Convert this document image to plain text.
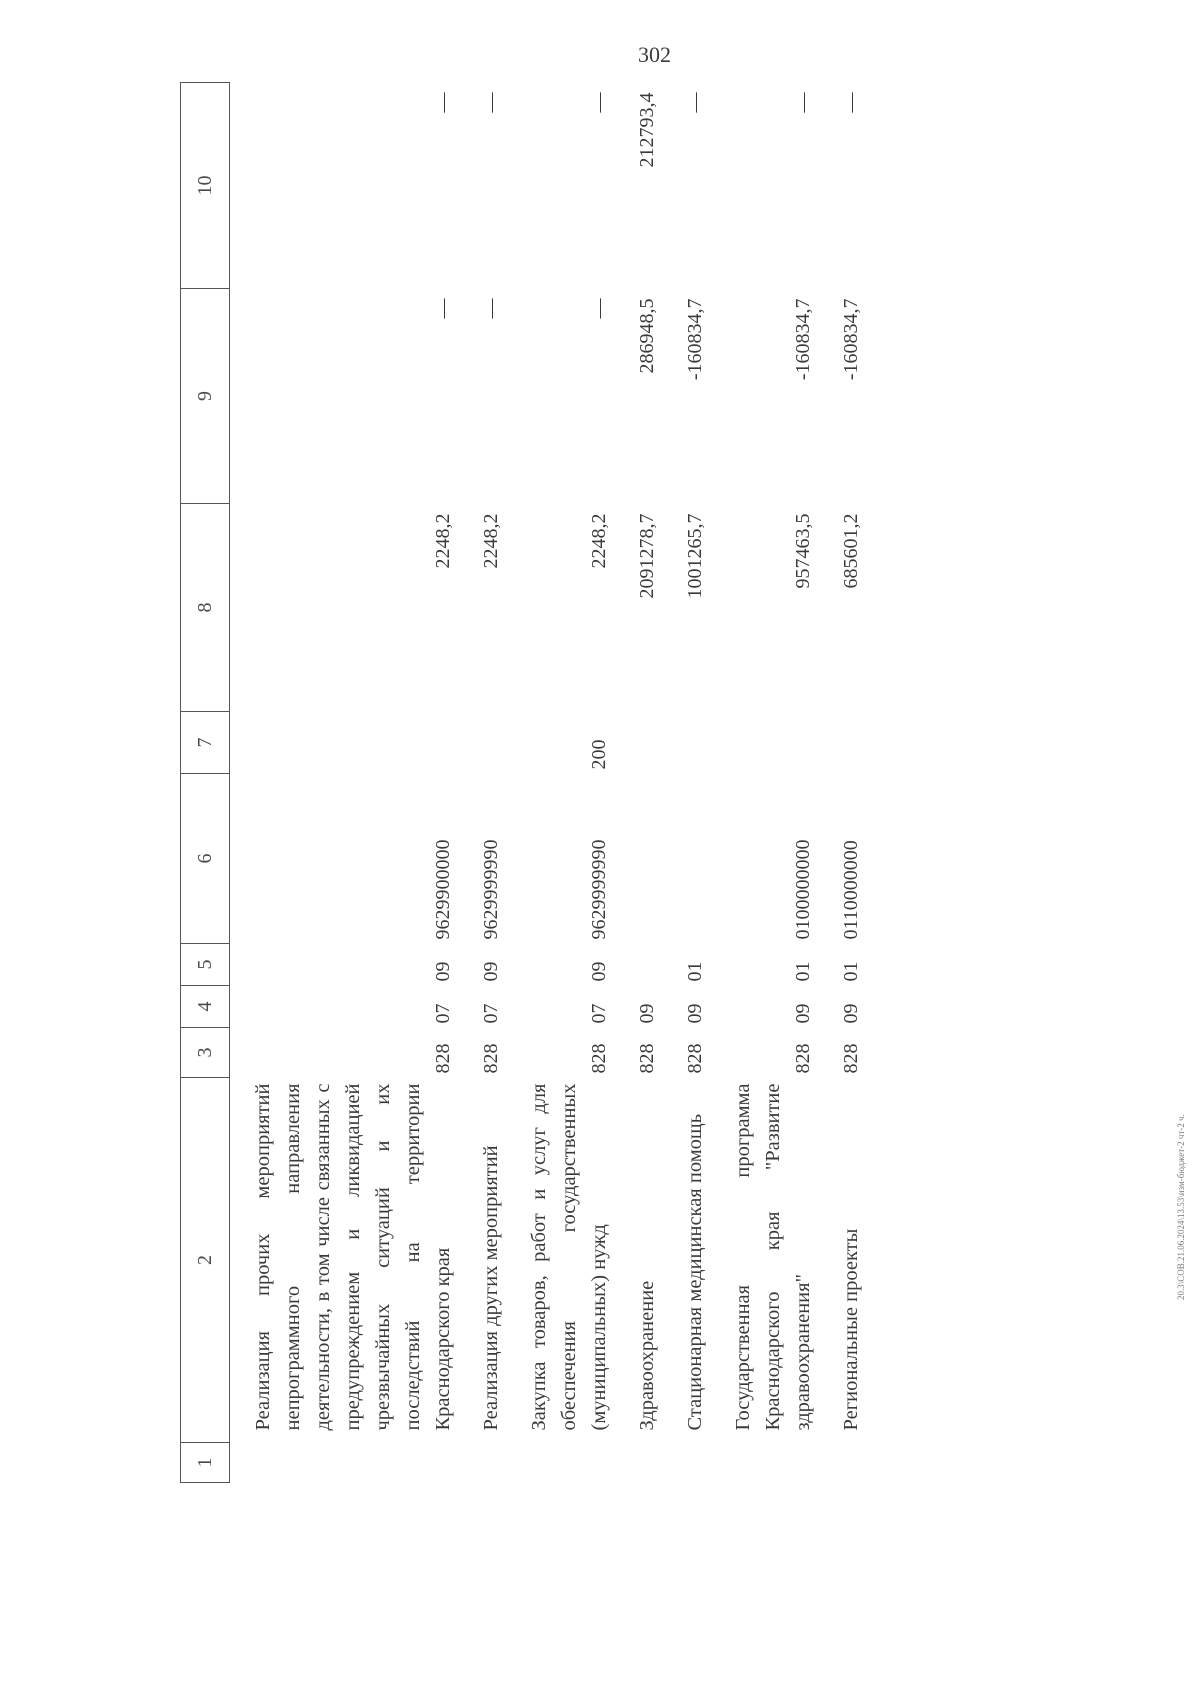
302
1	2	3	4	5	6	7	8	9	10
	Реализация прочих мероприятий непрограммного направления деятельности, в том числе связанных с предупреждением и ликвидацией чрезвычайных ситуаций и их последствий на территории Краснодарского края	828	07	09	9629900000		2248,2	—	—
	Реализация других мероприятий	828	07	09	9629999990		2248,2	—	—
	Закупка товаров, работ и услуг для обеспечения государственных (муниципальных) нужд	828	07	09	9629999990	200	2248,2	—	—
	Здравоохранение	828	09				2091278,7	286948,5	212793,4
	Стационарная медицинская помощь	828	09	01			1001265,7	-160834,7	—
	Государственная программа Краснодарского края "Развитие здравоохранения"	828	09	01	0100000000		957463,5	-160834,7	—
	Региональные проекты	828	09	01	0110000000		685601,2	-160834,7	—
20.3\СОВ.21.06.2024\13.53\изм-бюджет-2 чт-2 ч.
